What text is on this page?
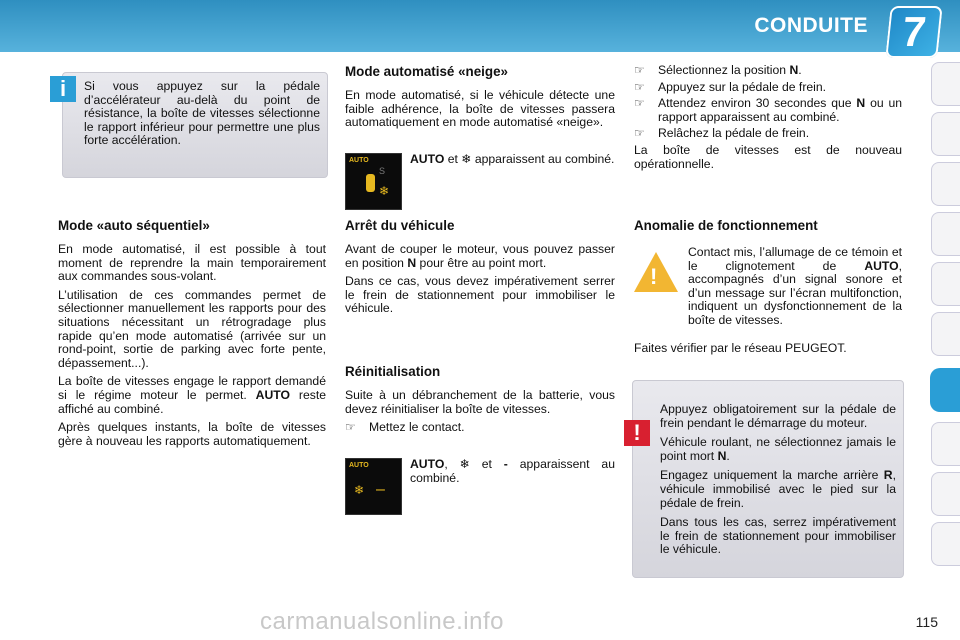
CONDUITE 7
i	Si vous appuyez sur la pédale d’accélérateur au-delà du point de résistance, la boîte de vitesses sélectionne le rapport inférieur pour permettre une plus forte accélération.

Mode «auto séquentiel»

En mode automatisé, il est possible à tout moment de reprendre la main temporairement aux commandes sous-volant.

L’utilisation de ces commandes permet de sélectionner manuellement les rapports pour des situations nécessitant un rétrogradage plus rapide qu’en mode automatisé (arrivée sur un rond-point, sortie de parking avec forte pente, dépassement...).

La boîte de vitesses engage le rapport demandé si le régime moteur le permet. AUTO reste affiché au combiné.

Après quelques instants, la boîte de vitesses gère à nouveau les rapports automatiquement.

Mode automatisé «neige»

En mode automatisé, si le véhicule détecte une faible adhérence, la boîte de vitesses passera automatiquement en mode automatisé «neige».

AUTO
S
❄

AUTO et ❄ apparaissent au combiné.

Arrêt du véhicule

Avant de couper le moteur, vous pouvez passer en position N pour être au point mort.

Dans ce cas, vous devez impérativement serrer le frein de stationnement pour immobiliser le véhicule.

Réinitialisation

Suite à un débranchement de la batterie, vous devez réinitialiser la boîte de vitesses.

☞	Mettez le contact.
AUTO
❄ –

AUTO, ❄ et - apparaissent au combiné.

☞	Sélectionnez la position N.
☞	Appuyez sur la pédale de frein.
☞	Attendez environ 30 secondes que N ou un rapport apparaissent au combiné.
☞	Relâchez la pédale de frein.

La boîte de vitesses est de nouveau opérationnelle.

Anomalie de fonctionnement
!

Contact mis, l’allumage de ce témoin et le clignotement de AUTO, accompagnés d’un signal sonore et d’un message sur l’écran multifonction, indiquent un dysfonctionnement de la boîte de vitesses.

Faites vérifier par le réseau PEUGEOT.

!

Appuyez obligatoirement sur la pédale de frein pendant le démarrage du moteur.

Véhicule roulant, ne sélectionnez jamais le point mort N.

Engagez uniquement la marche arrière R, véhicule immobilisé avec le pied sur la pédale de frein.

Dans tous les cas, serrez impérativement le frein de stationnement pour immobiliser le véhicule.

115
carmanualsonline.info
